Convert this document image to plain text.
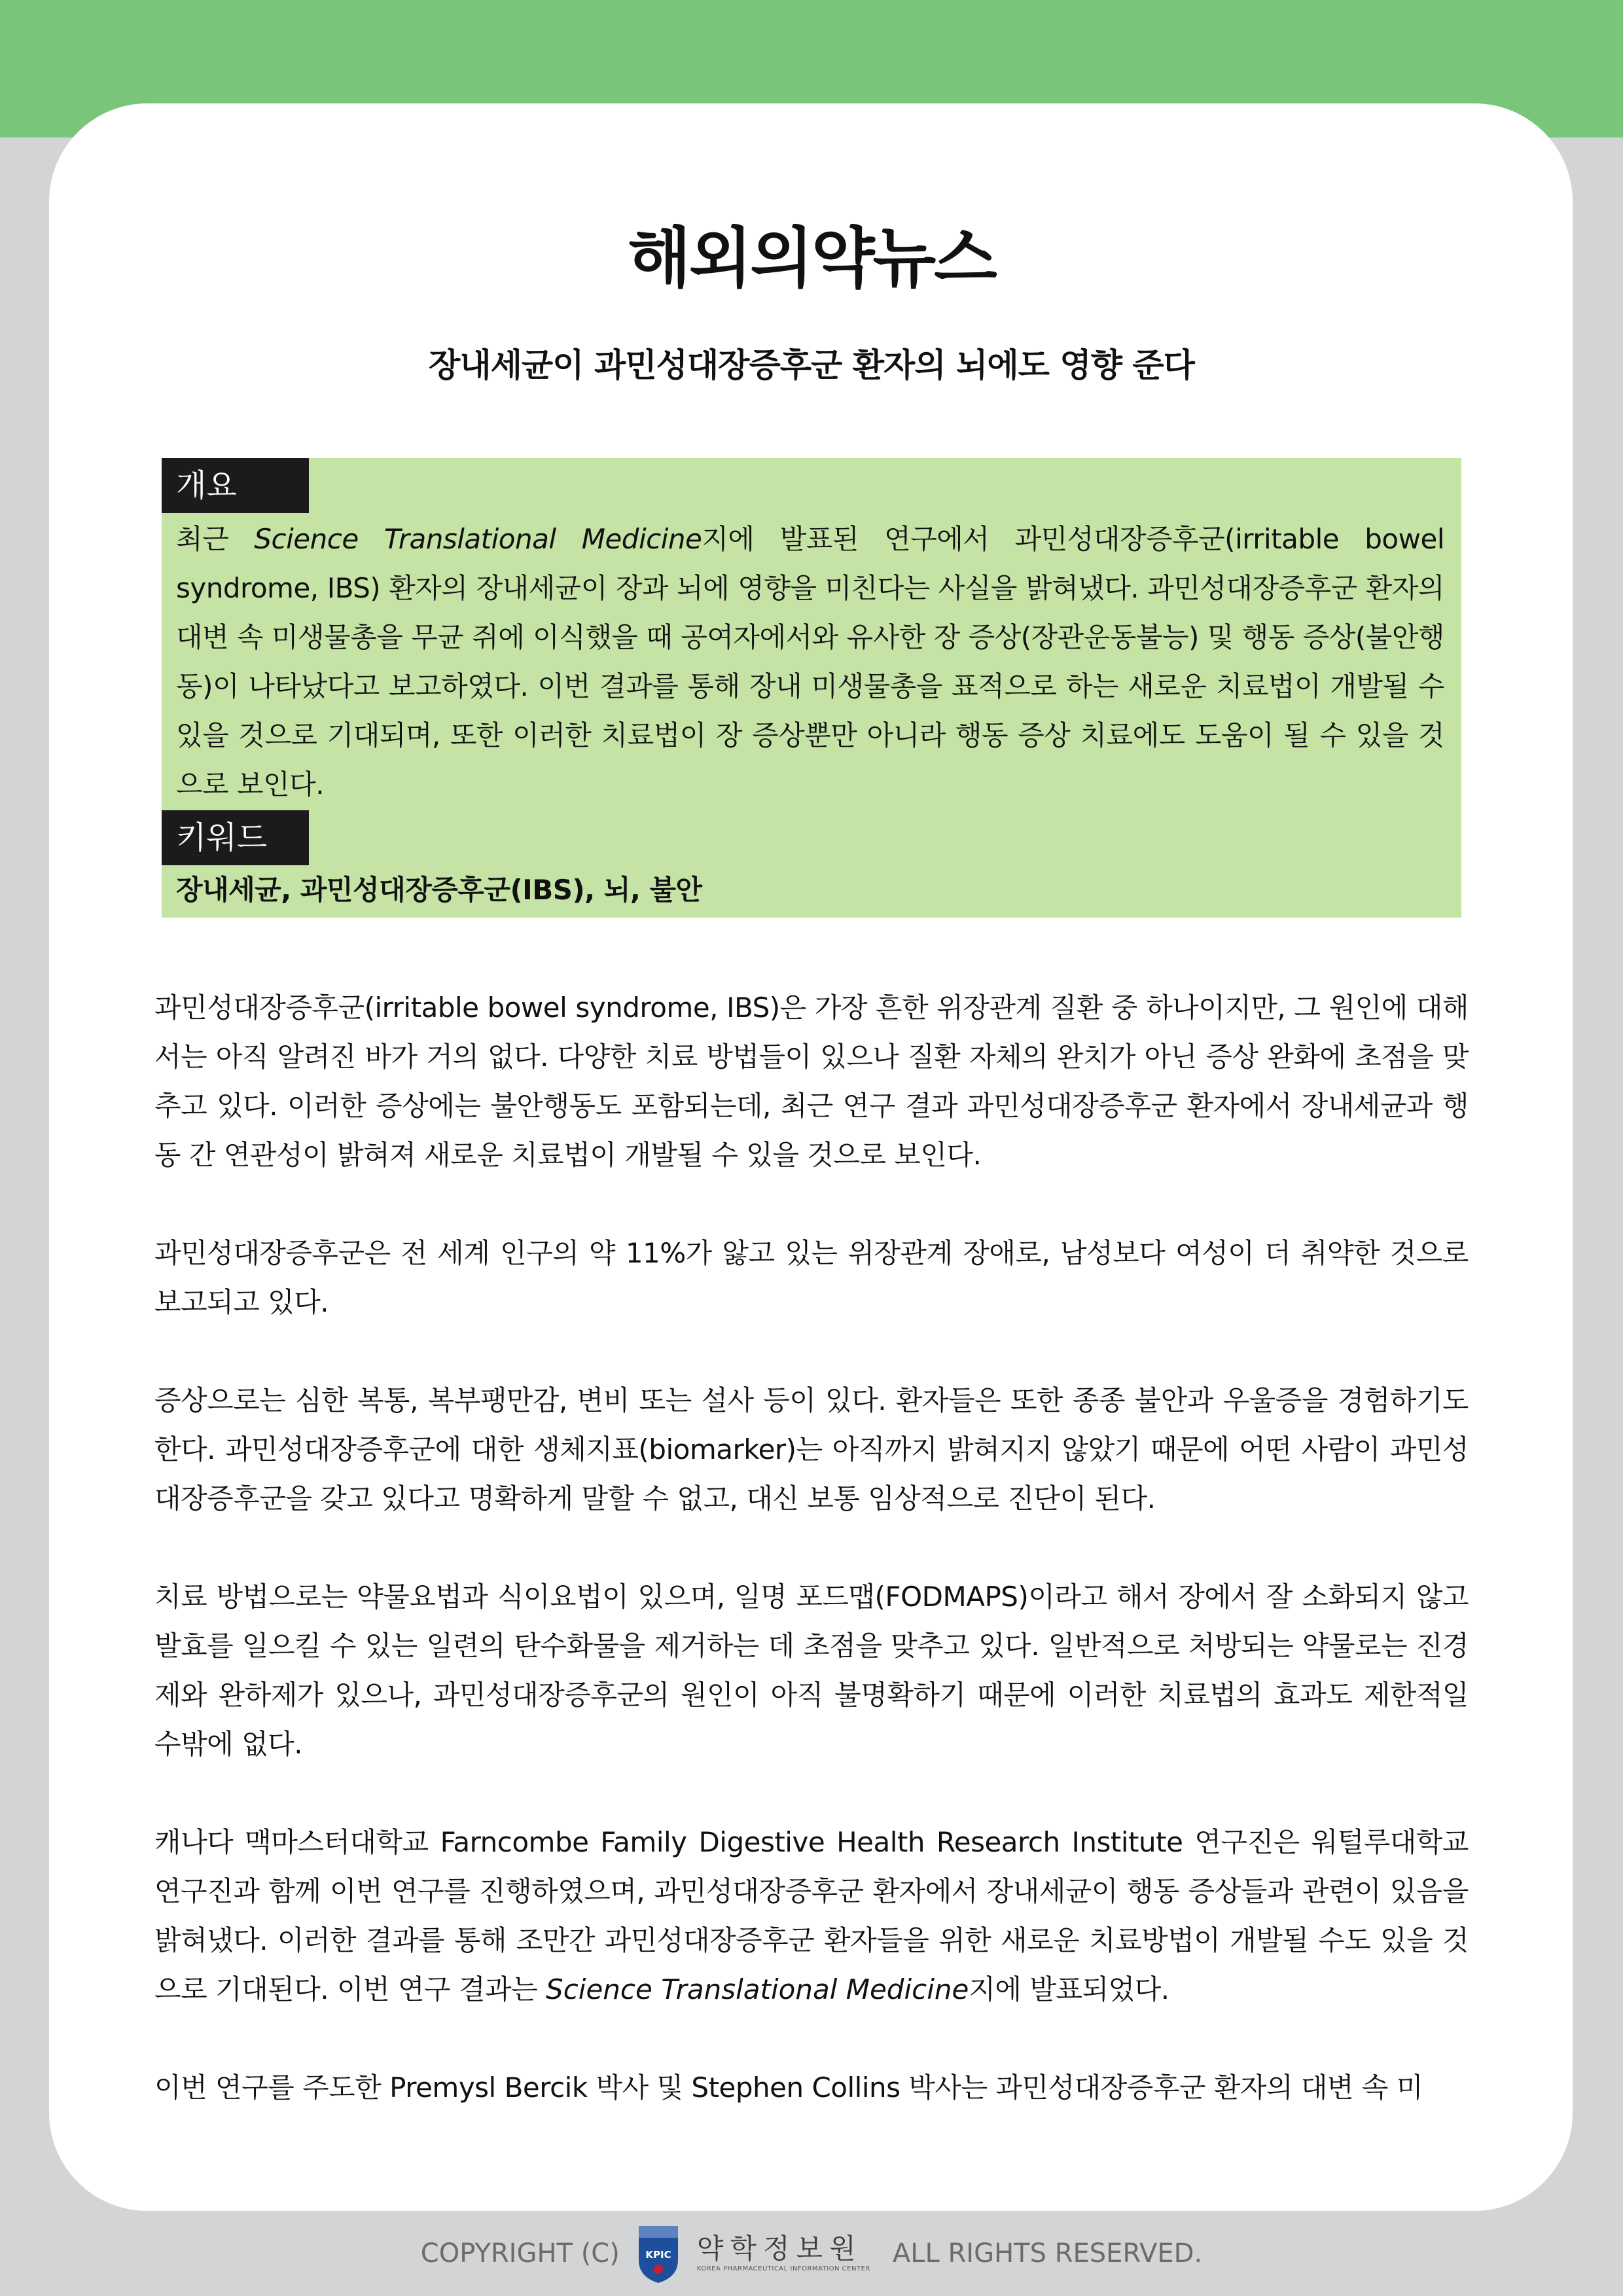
해외의약뉴스
장내세균이 과민성대장증후군 환자의 뇌에도 영향 준다
개요

최근 Science Translational Medicine지에 발표된 연구에서 과민성대장증후군(irritable bowel syndrome, IBS) 환자의 장내세균이 장과 뇌에 영향을 미친다는 사실을 밝혀냈다. 과민성대장증후군 환자의 대변 속 미생물총을 무균 쥐에 이식했을 때 공여자에서와 유사한 장 증상(장관운동불능) 및 행동 증상(불안행동)이 나타났다고 보고하였다. 이번 결과를 통해 장내 미생물총을 표적으로 하는 새로운 치료법이 개발될 수 있을 것으로 기대되며, 또한 이러한 치료법이 장 증상뿐만 아니라 행동 증상 치료에도 도움이 될 수 있을 것으로 보인다.

키워드

장내세균, 과민성대장증후군(IBS), 뇌, 불안

과민성대장증후군(irritable bowel syndrome, IBS)은 가장 흔한 위장관계 질환 중 하나이지만, 그 원인에 대해서는 아직 알려진 바가 거의 없다. 다양한 치료 방법들이 있으나 질환 자체의 완치가 아닌 증상 완화에 초점을 맞추고 있다. 이러한 증상에는 불안행동도 포함되는데, 최근 연구 결과 과민성대장증후군 환자에서 장내세균과 행동 간 연관성이 밝혀져 새로운 치료법이 개발될 수 있을 것으로 보인다.

과민성대장증후군은 전 세계 인구의 약 11%가 앓고 있는 위장관계 장애로, 남성보다 여성이 더 취약한 것으로 보고되고 있다.

증상으로는 심한 복통, 복부팽만감, 변비 또는 설사 등이 있다. 환자들은 또한 종종 불안과 우울증을 경험하기도 한다. 과민성대장증후군에 대한 생체지표(biomarker)는 아직까지 밝혀지지 않았기 때문에 어떤 사람이 과민성대장증후군을 갖고 있다고 명확하게 말할 수 없고, 대신 보통 임상적으로 진단이 된다.

치료 방법으로는 약물요법과 식이요법이 있으며, 일명 포드맵(FODMAPS)이라고 해서 장에서 잘 소화되지 않고 발효를 일으킬 수 있는 일련의 탄수화물을 제거하는 데 초점을 맞추고 있다. 일반적으로 처방되는 약물로는 진경제와 완하제가 있으나, 과민성대장증후군의 원인이 아직 불명확하기 때문에 이러한 치료법의 효과도 제한적일 수밖에 없다.

캐나다 맥마스터대학교 Farncombe Family Digestive Health Research Institute 연구진은 워털루대학교 연구진과 함께 이번 연구를 진행하였으며, 과민성대장증후군 환자에서 장내세균이 행동 증상들과 관련이 있음을 밝혀냈다. 이러한 결과를 통해 조만간 과민성대장증후군 환자들을 위한 새로운 치료방법이 개발될 수도 있을 것으로 기대된다. 이번 연구 결과는 Science Translational Medicine지에 발표되었다.

이번 연구를 주도한 Premysl Bercik 박사 및 Stephen Collins 박사는 과민성대장증후군 환자의 대변 속 미

COPYRIGHT (C)	KPIC 약학정보원
KOREA PHARMACEUTICAL INFORMATION CENTER
ALL RIGHTS RESERVED.
